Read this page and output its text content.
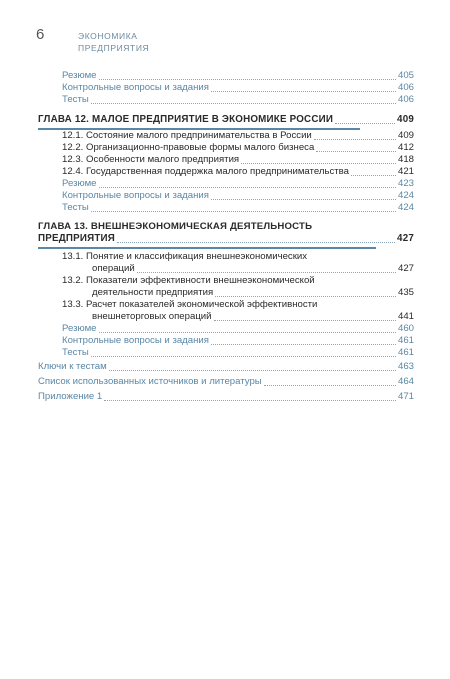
6	ЭКОНОМИКА
ПРЕДПРИЯТИЯ
Резюме	405
Контрольные вопросы и задания	406
Тесты	406
ГЛАВА 12. МАЛОЕ ПРЕДПРИЯТИЕ В ЭКОНОМИКЕ РОССИИ	409
12.1. Состояние малого предпринимательства в России	409
12.2. Организационно-правовые формы малого бизнеса	412
12.3. Особенности малого предприятия	418
12.4. Государственная поддержка малого предпринимательства	421
Резюме	423
Контрольные вопросы и задания	424
Тесты	424
ГЛАВА 13. ВНЕШНЕЭКОНОМИЧЕСКАЯ ДЕЯТЕЛЬНОСТЬ
ПРЕДПРИЯТИЯ	427
13.1. Понятие и классификация внешнеэкономических
операций	427
13.2. Показатели эффективности внешнеэкономической
деятельности предприятия	435
13.3. Расчет показателей экономической эффективности
внешнеторговых операций	441
Резюме	460
Контрольные вопросы и задания	461
Тесты	461
Ключи к тестам	463
Список использованных источников и литературы	464
Приложение 1	471
